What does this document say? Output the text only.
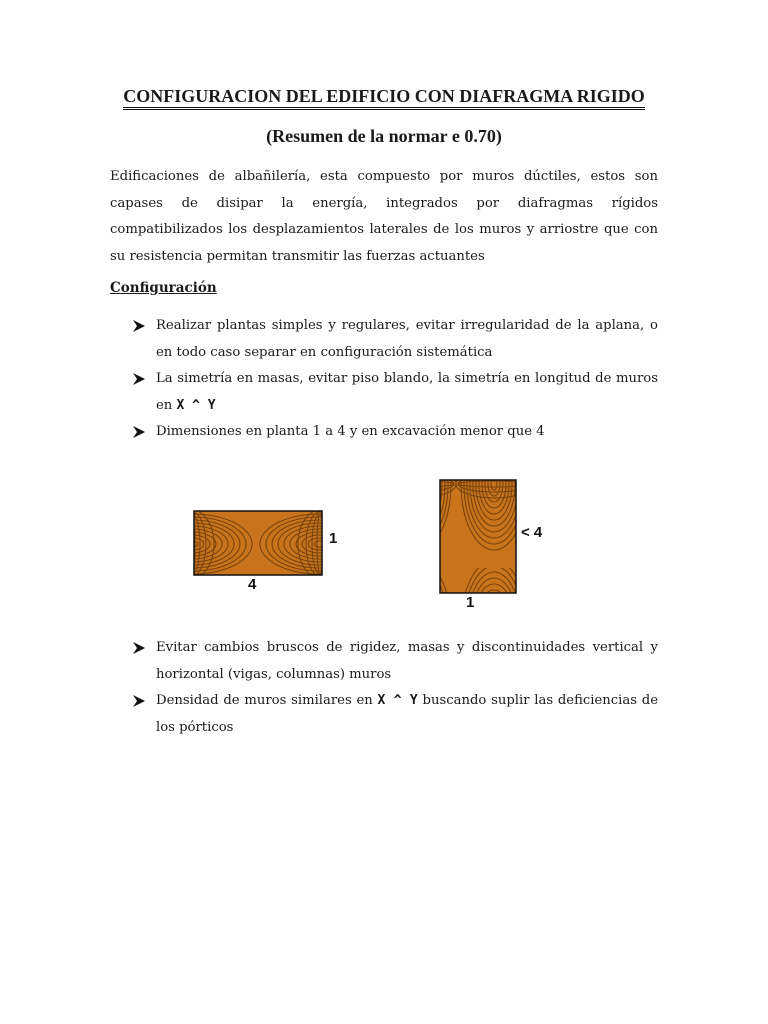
CONFIGURACION DEL EDIFICIO CON DIAFRAGMA RIGIDO
(Resumen de la normar e 0.70)
Edificaciones de albañilería, esta compuesto por muros dúctiles, estos son capases de disipar la energía, integrados por diafragmas rígidos compatibilizados los desplazamientos laterales de los muros y arriostre que con su resistencia permitan transmitir las fuerzas actuantes
Configuración
Realizar plantas simples y regulares, evitar irregularidad de la aplana, o en todo caso separar en configuración sistemática
La simetría en masas, evitar piso blando, la simetría en longitud de muros en X ^ Y
Dimensiones en planta 1 a 4 y en excavación menor que 4
1
4
< 4
1
Evitar cambios bruscos de rigidez, masas y discontinuidades vertical y horizontal (vigas, columnas) muros
Densidad de muros similares en X ^ Y buscando suplir las deficiencias de los pórticos
